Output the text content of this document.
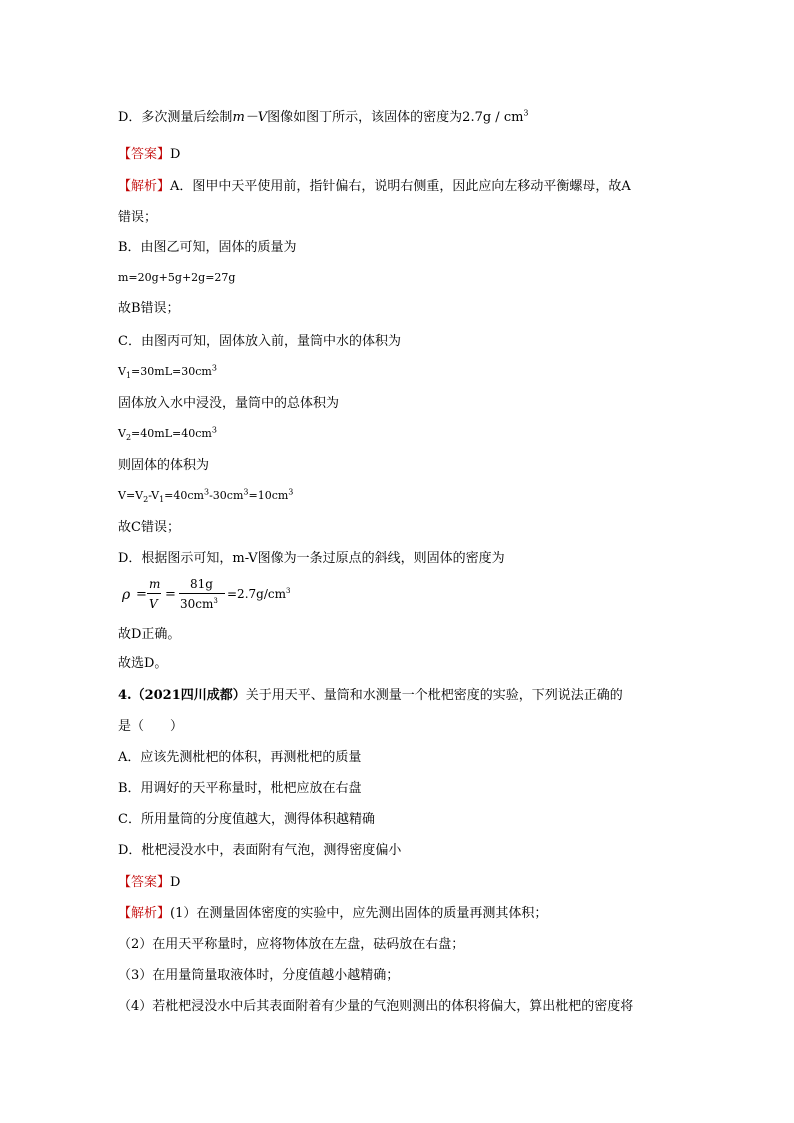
D．多次测量后绘制m－V图像如图丁所示，该固体的密度为$2.7g / cm^3$
【答案】D
【解析】A．图甲中天平使用前，指针偏右，说明右侧重，因此应向左移动平衡螺母，故A
错误；
B．由图乙可知，固体的质量为
m=20g+5g+2g=27g
故B错误；
C．由图丙可知，固体放入前，量筒中水的体积为
$V_1=30mL=30cm^3$
固体放入水中浸没，量筒中的总体积为
$V_2=40mL=40cm^3$
则固体的体积为
$V=V_2-V_1=40cm^3-30cm^3=10cm^3$
故C错误；
D．根据图示可知，m-V图像为一条过原点的斜线，则固体的密度为
ρ =
m
V
=
81g
$30cm^3 =2.7g/cm^3$
故D正确。
故选D。
4.（2021四川成都）关于用天平、量筒和水测量一个枇杷密度的实验，下列说法正确的
是（　　）
A．应该先测枇杷的体积，再测枇杷的质量
B．用调好的天平称量时，枇杷应放在右盘
C．所用量筒的分度值越大，测得体积越精确
D．枇杷浸没水中，表面附有气泡，测得密度偏小
【答案】D
【解析】(1）在测量固体密度的实验中，应先测出固体的质量再测其体积；
（2）在用天平称量时，应将物体放在左盘，砝码放在右盘；
（3）在用量筒量取液体时，分度值越小越精确；
（4）若枇杷浸没水中后其表面附着有少量的气泡则测出的体积将偏大，算出枇杷的密度将
